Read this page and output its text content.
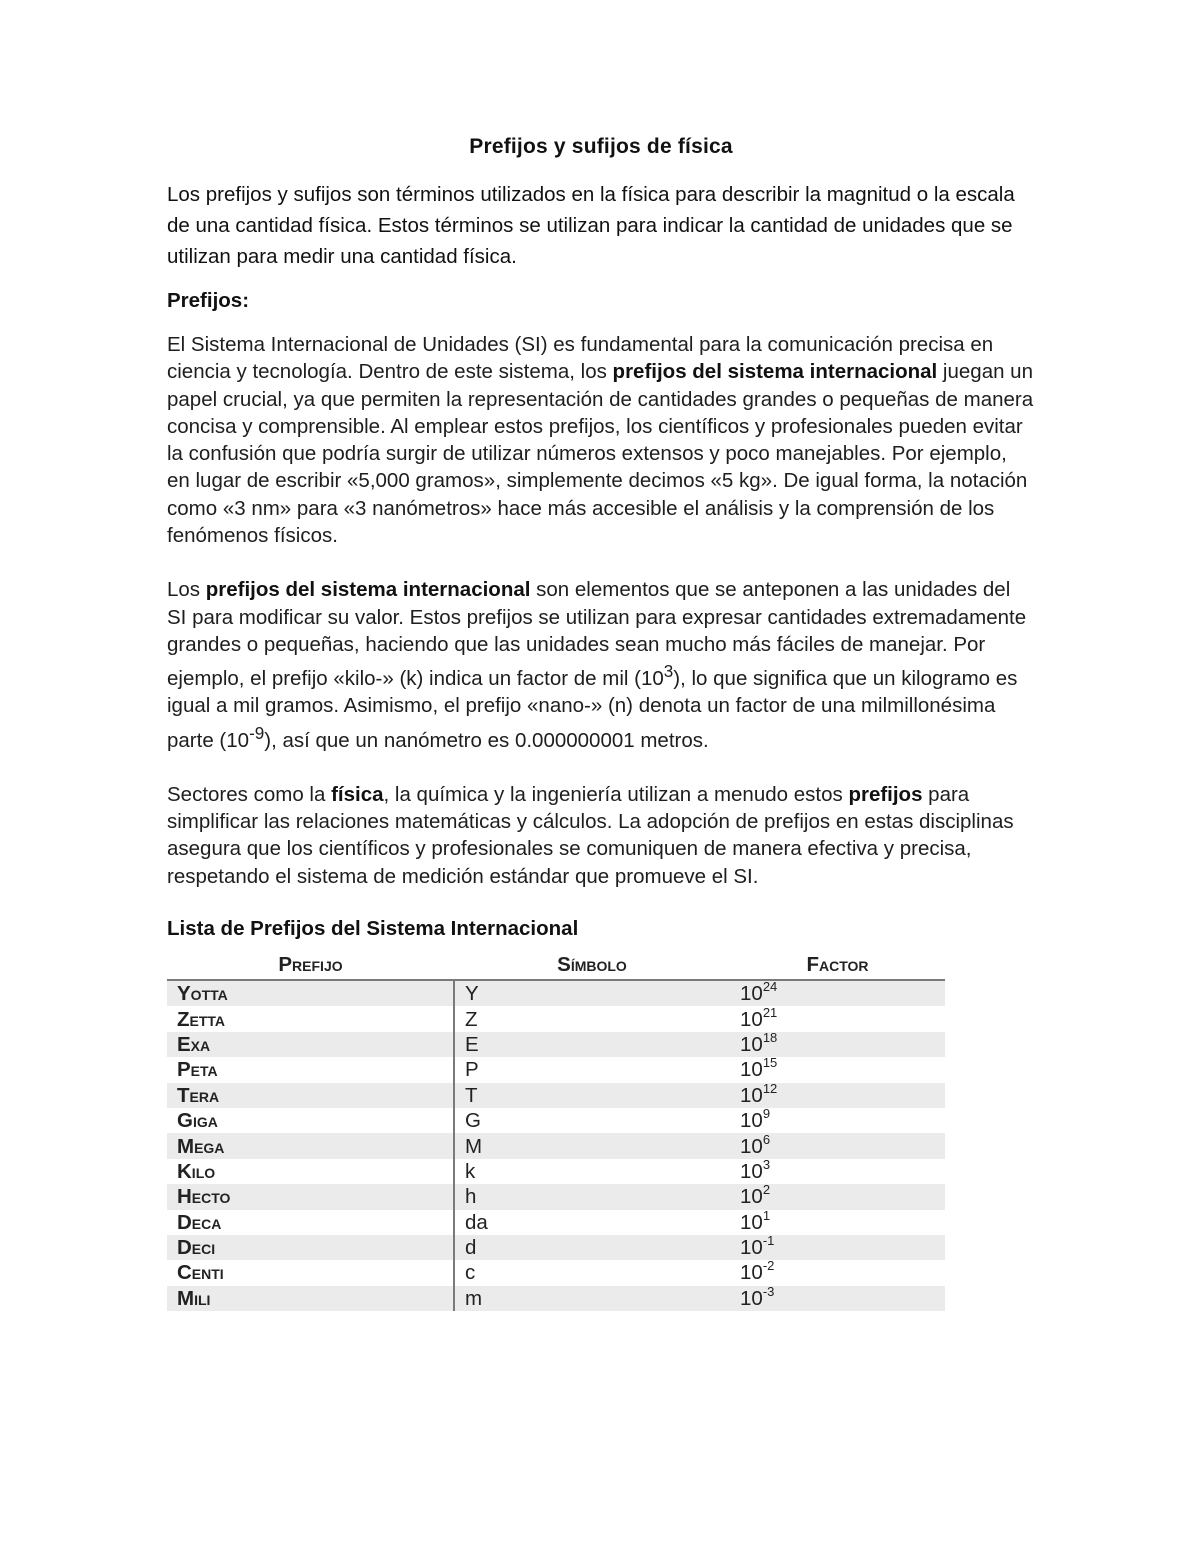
Prefijos y sufijos de física

Los prefijos y sufijos son términos utilizados en la física para describir la magnitud o la escala de una cantidad física. Estos términos se utilizan para indicar la cantidad de unidades que se utilizan para medir una cantidad física.

Prefijos:

El Sistema Internacional de Unidades (SI) es fundamental para la comunicación precisa en ciencia y tecnología. Dentro de este sistema, los prefijos del sistema internacional juegan un papel crucial, ya que permiten la representación de cantidades grandes o pequeñas de manera concisa y comprensible. Al emplear estos prefijos, los científicos y profesionales pueden evitar la confusión que podría surgir de utilizar números extensos y poco manejables. Por ejemplo, en lugar de escribir «5,000 gramos», simplemente decimos «5 kg». De igual forma, la notación como «3 nm» para «3 nanómetros» hace más accesible el análisis y la comprensión de los fenómenos físicos.

Los prefijos del sistema internacional son elementos que se anteponen a las unidades del SI para modificar su valor. Estos prefijos se utilizan para expresar cantidades extremadamente grandes o pequeñas, haciendo que las unidades sean mucho más fáciles de manejar. Por ejemplo, el prefijo «kilo-» (k) indica un factor de mil $(10^3)$, lo que significa que un kilogramo es igual a mil gramos. Asimismo, el prefijo «nano-» (n) denota un factor de una milmillonésima parte $(10^{-9})$, así que un nanómetro es 0.000000001 metros.

Sectores como la física, la química y la ingeniería utilizan a menudo estos prefijos para simplificar las relaciones matemáticas y cálculos. La adopción de prefijos en estas disciplinas asegura que los científicos y profesionales se comuniquen de manera efectiva y precisa, respetando el sistema de medición estándar que promueve el SI.

Lista de Prefijos del Sistema Internacional
Prefijo	Símbolo	Factor
Yotta	Y	$10^{24}$
Zetta	Z	$10^{21}$
Exa	E	$10^{18}$
Peta	P	$10^{15}$
Tera	T	$10^{12}$
Giga	G	$10^9$
Mega	M	$10^6$
Kilo	k	$10^3$
Hecto	h	$10^2$
Deca	da	$10^1$
Deci	d	$10^{-1}$
Centi	c	$10^{-2}$
Mili	m	$10^{-3}$
